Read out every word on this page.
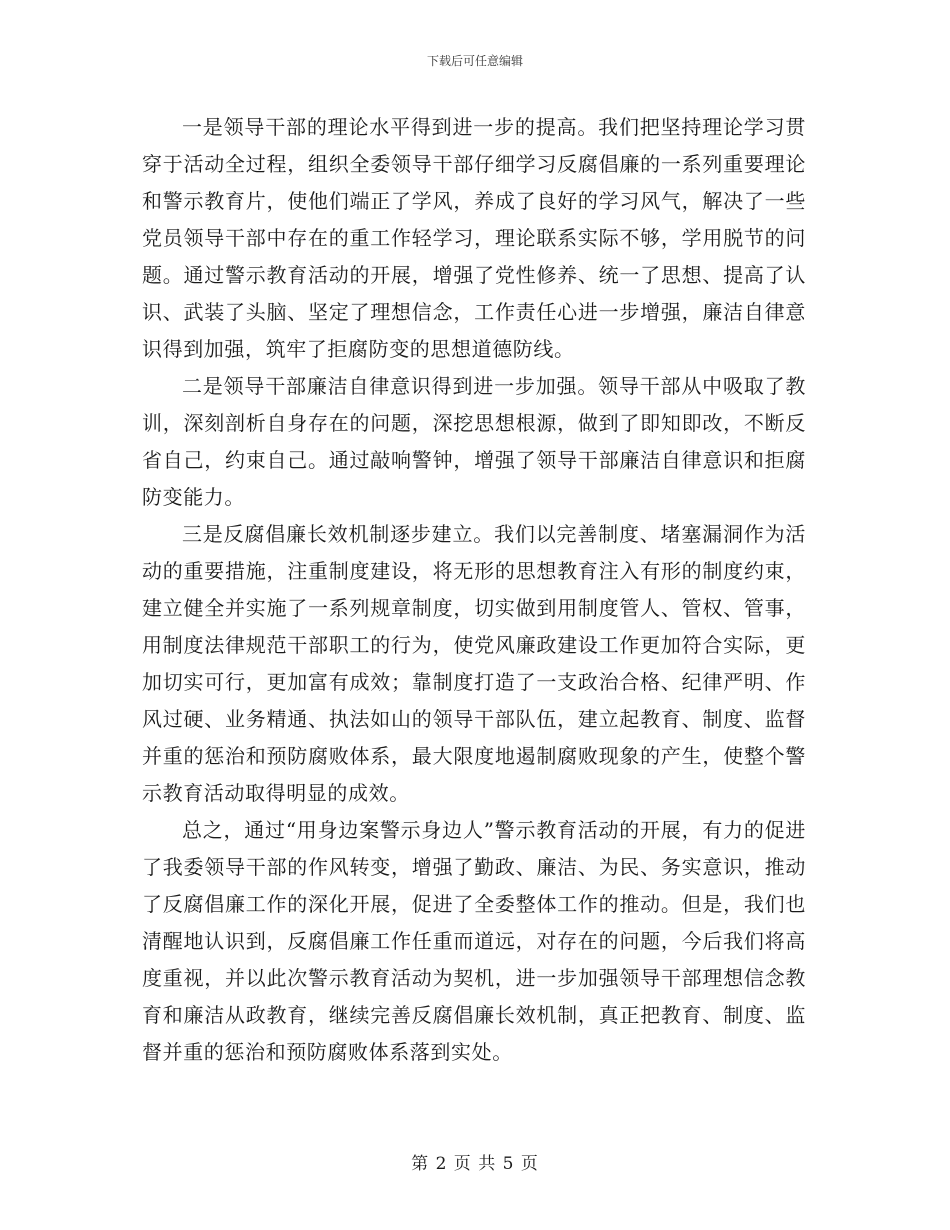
下载后可任意编辑

一是领导干部的理论水平得到进一步的提高。我们把坚持理论学习贯穿于活动全过程，组织全委领导干部仔细学习反腐倡廉的一系列重要理论和警示教育片，使他们端正了学风，养成了良好的学习风气，解决了一些党员领导干部中存在的重工作轻学习，理论联系实际不够，学用脱节的问题。通过警示教育活动的开展，增强了党性修养、统一了思想、提高了认识、武装了头脑、坚定了理想信念，工作责任心进一步增强，廉洁自律意识得到加强，筑牢了拒腐防变的思想道德防线。

二是领导干部廉洁自律意识得到进一步加强。领导干部从中吸取了教训，深刻剖析自身存在的问题，深挖思想根源，做到了即知即改，不断反省自己，约束自己。通过敲响警钟，增强了领导干部廉洁自律意识和拒腐防变能力。

三是反腐倡廉长效机制逐步建立。我们以完善制度、堵塞漏洞作为活动的重要措施，注重制度建设，将无形的思想教育注入有形的制度约束，建立健全并实施了一系列规章制度，切实做到用制度管人、管权、管事，用制度法律规范干部职工的行为，使党风廉政建设工作更加符合实际，更加切实可行，更加富有成效；靠制度打造了一支政治合格、纪律严明、作风过硬、业务精通、执法如山的领导干部队伍，建立起教育、制度、监督并重的惩治和预防腐败体系，最大限度地遏制腐败现象的产生，使整个警示教育活动取得明显的成效。

总之，通过“用身边案警示身边人”警示教育活动的开展，有力的促进了我委领导干部的作风转变，增强了勤政、廉洁、为民、务实意识，推动了反腐倡廉工作的深化开展，促进了全委整体工作的推动。但是，我们也清醒地认识到，反腐倡廉工作任重而道远，对存在的问题，今后我们将高度重视，并以此次警示教育活动为契机，进一步加强领导干部理想信念教育和廉洁从政教育，继续完善反腐倡廉长效机制，真正把教育、制度、监督并重的惩治和预防腐败体系落到实处。

第 2 页 共 5 页
